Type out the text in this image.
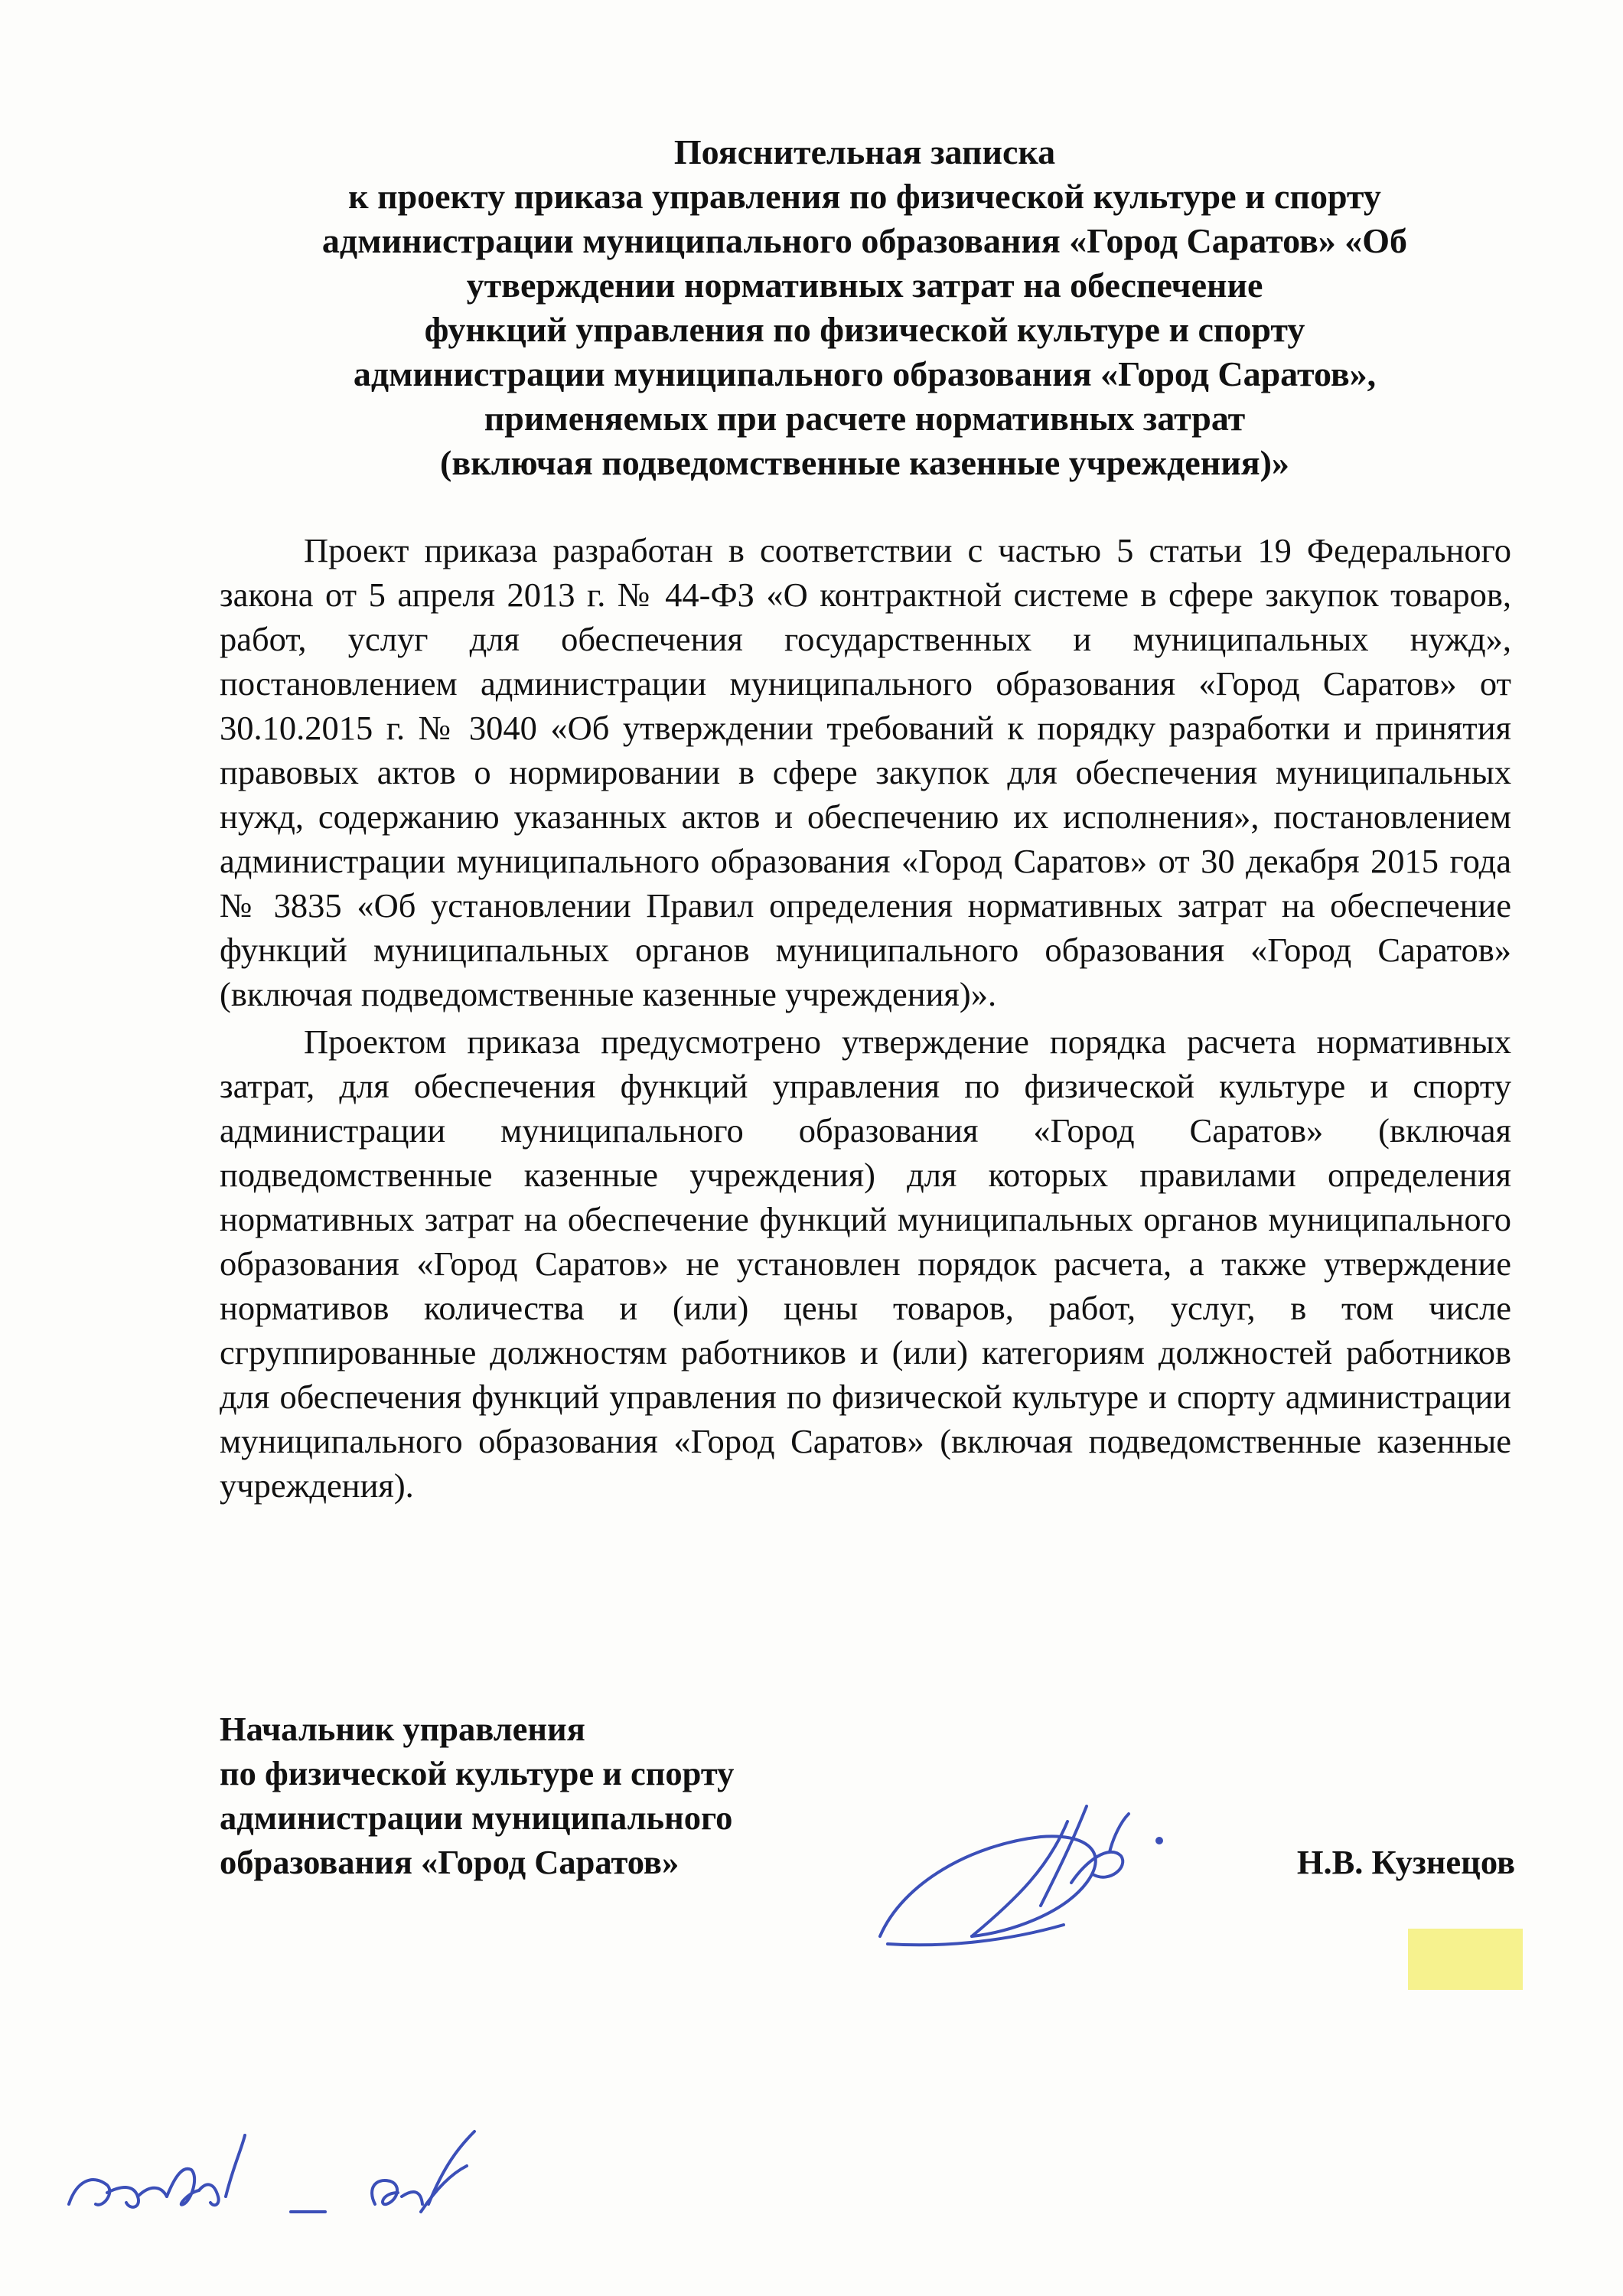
Пояснительная записка
к проекту приказа управления по физической культуре и спорту
администрации муниципального образования «Город Саратов» «Об
утверждении нормативных затрат на обеспечение
функций управления по физической культуре и спорту
администрации муниципального образования «Город Саратов»,
применяемых при расчете нормативных затрат
(включая подведомственные казенные учреждения)»

Проект приказа разработан в соответствии с частью 5 статьи 19 Федерального закона от 5 апреля 2013 г. № 44-ФЗ «О контрактной системе в сфере закупок товаров, работ, услуг для обеспечения государственных и муниципальных нужд», постановлением администрации муниципального образования «Город Саратов» от 30.10.2015 г. № 3040 «Об утверждении требований к порядку разработки и принятия правовых актов о нормировании в сфере закупок для обеспечения муниципальных нужд, содержанию указанных актов и обеспечению их исполнения», постановлением администрации муниципального образования «Город Саратов» от 30 декабря 2015 года № 3835 «Об установлении Правил определения нормативных затрат на обеспечение функций муниципальных органов муниципального образования «Город Саратов» (включая подведомственные казенные учреждения)».

Проектом приказа предусмотрено утверждение порядка расчета нормативных затрат, для обеспечения функций управления по физической культуре и спорту администрации муниципального образования «Город Саратов» (включая подведомственные казенные учреждения) для которых правилами определения нормативных затрат на обеспечение функций муниципальных органов муниципального образования «Город Саратов» не установлен порядок расчета, а также утверждение нормативов количества и (или) цены товаров, работ, услуг, в том числе сгруппированные должностям работников и (или) категориям должностей работников для обеспечения функций управления по физической культуре и спорту администрации муниципального образования «Город Саратов» (включая подведомственные казенные учреждения).

Начальник управления
по физической культуре и спорту
администрации муниципального
образования «Город Саратов»	Н.В. Кузнецов
